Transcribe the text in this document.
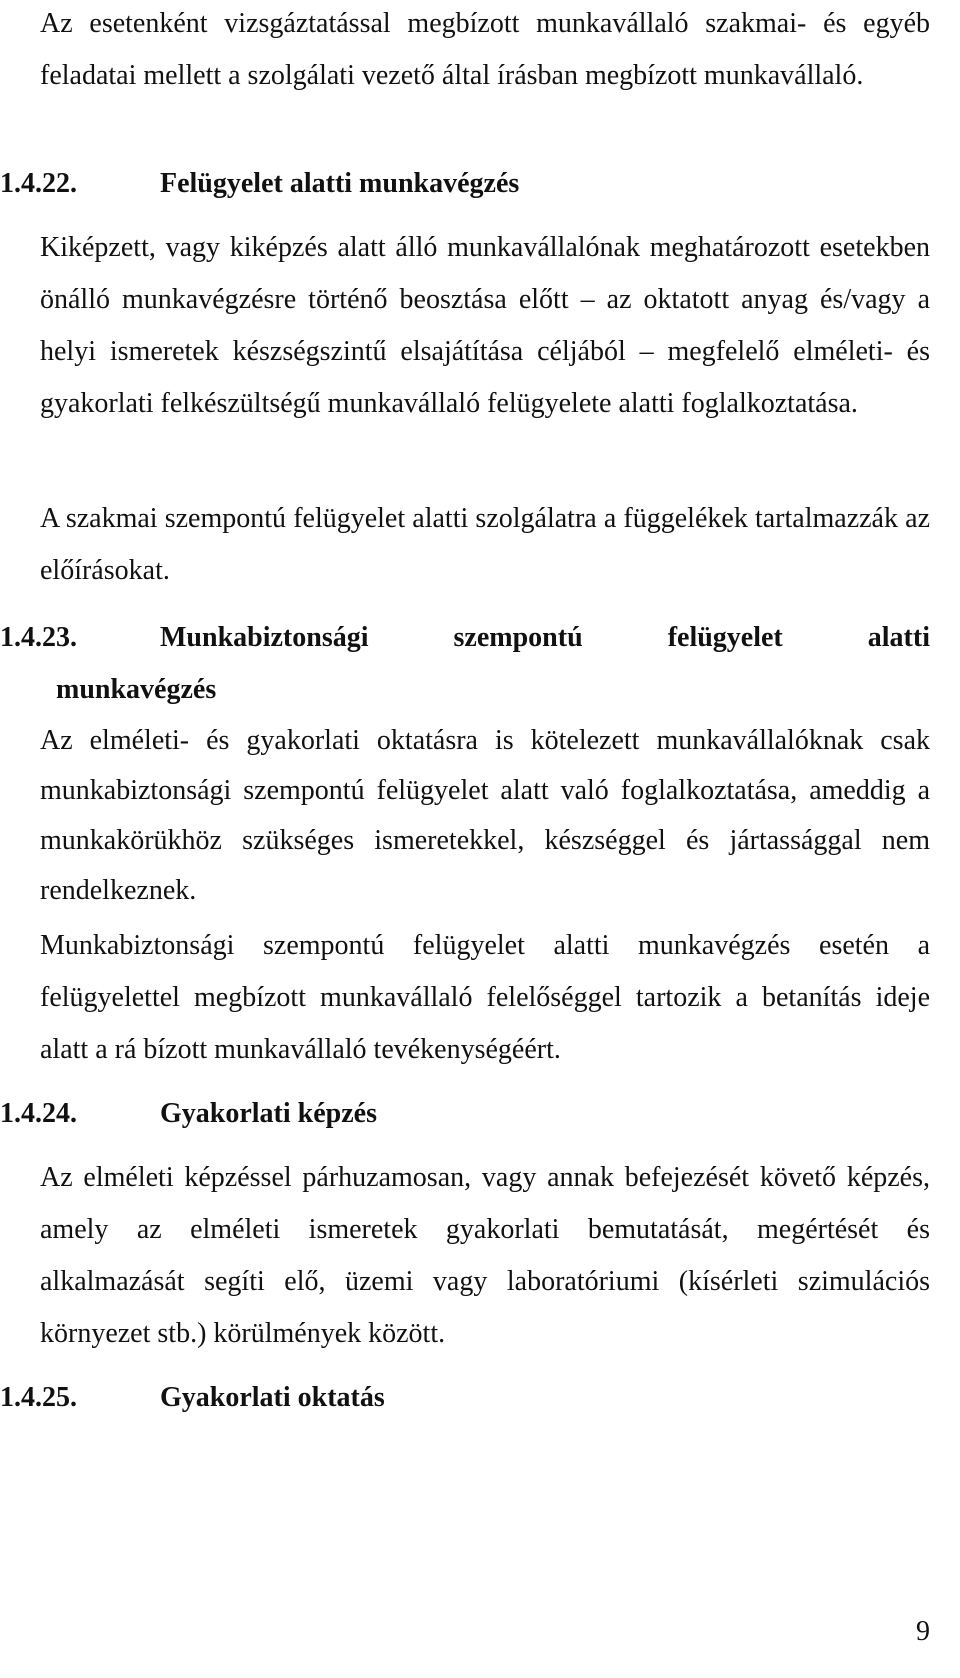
Az esetenként vizsgáztatással megbízott munkavállaló szakmai- és egyéb feladatai mellett a szolgálati vezető által írásban megbízott munkavállaló.

1.4.22.	Felügyelet alatti munkavégzés

Kiképzett, vagy kiképzés alatt álló munkavállalónak meghatározott esetekben önálló munkavégzésre történő beosztása előtt – az oktatott anyag és/vagy a helyi ismeretek készségszintű elsajátítása céljából – megfelelő elméleti- és gyakorlati felkészültségű munkavállaló felügyelete alatti foglalkoztatása.

A szakmai szempontú felügyelet alatti szolgálatra a függelékek tartalmazzák az előírásokat.

1.4.23.	Munkabiztonsági	szempontú	felügyelet	alatti
munkavégzés

Az elméleti- és gyakorlati oktatásra is kötelezett munkavállalóknak csak munkabiztonsági szempontú felügyelet alatt való foglalkoztatása, ameddig a munkakörükhöz szükséges ismeretekkel, készséggel és jártassággal nem rendelkeznek.

Munkabiztonsági szempontú felügyelet alatti munkavégzés esetén a felügyelettel megbízott munkavállaló felelőséggel tartozik a betanítás ideje alatt a rá bízott munkavállaló tevékenységéért.

1.4.24.	Gyakorlati képzés

Az elméleti képzéssel párhuzamosan, vagy annak befejezését követő képzés, amely az elméleti ismeretek gyakorlati bemutatását, megértését és alkalmazását segíti elő, üzemi vagy laboratóriumi (kísérleti szimulációs környezet stb.) körülmények között.

1.4.25.	Gyakorlati oktatás
9
